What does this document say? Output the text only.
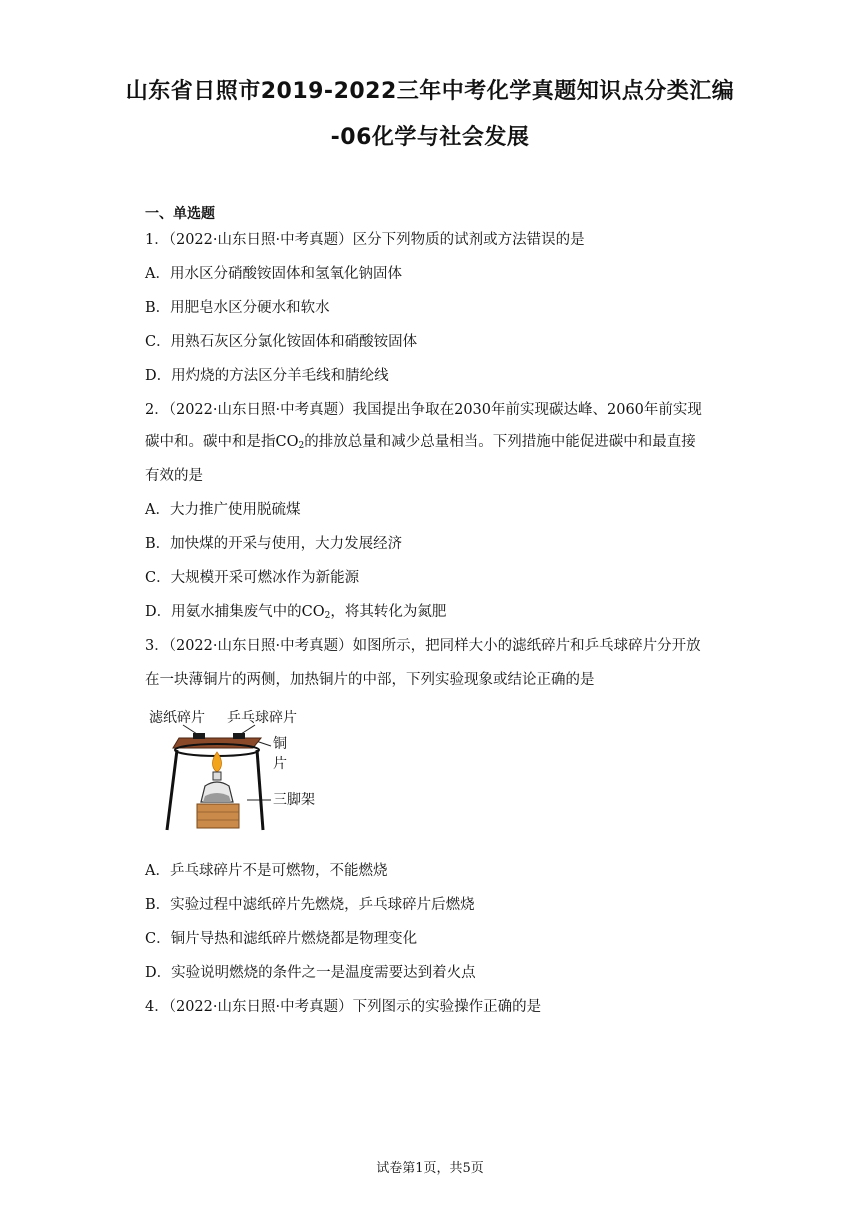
山东省日照市2019-2022三年中考化学真题知识点分类汇编
-06化学与社会发展
一、单选题
1．（2022·山东日照·中考真题）区分下列物质的试剂或方法错误的是
A．用水区分硝酸铵固体和氢氧化钠固体
B．用肥皂水区分硬水和软水
C．用熟石灰区分氯化铵固体和硝酸铵固体
D．用灼烧的方法区分羊毛线和腈纶线
2．（2022·山东日照·中考真题）我国提出争取在2030年前实现碳达峰、2060年前实现
碳中和。碳中和是指$CO_2$的排放总量和减少总量相当。下列措施中能促进碳中和最直接
有效的是
A．大力推广使用脱硫煤
B．加快煤的开采与使用，大力发展经济
C．大规模开采可燃冰作为新能源
D．用氨水捕集废气中的$CO_2$，将其转化为氮肥
3．（2022·山东日照·中考真题）如图所示，把同样大小的滤纸碎片和乒乓球碎片分开放
在一块薄铜片的两侧，加热铜片的中部，下列实验现象或结论正确的是
滤纸碎片 乒乓球碎片
铜
片
三脚架
A．乒乓球碎片不是可燃物，不能燃烧
B．实验过程中滤纸碎片先燃烧，乒乓球碎片后燃烧
C．铜片导热和滤纸碎片燃烧都是物理变化
D．实验说明燃烧的条件之一是温度需要达到着火点
4．（2022·山东日照·中考真题）下列图示的实验操作正确的是
试卷第1页，共5页
